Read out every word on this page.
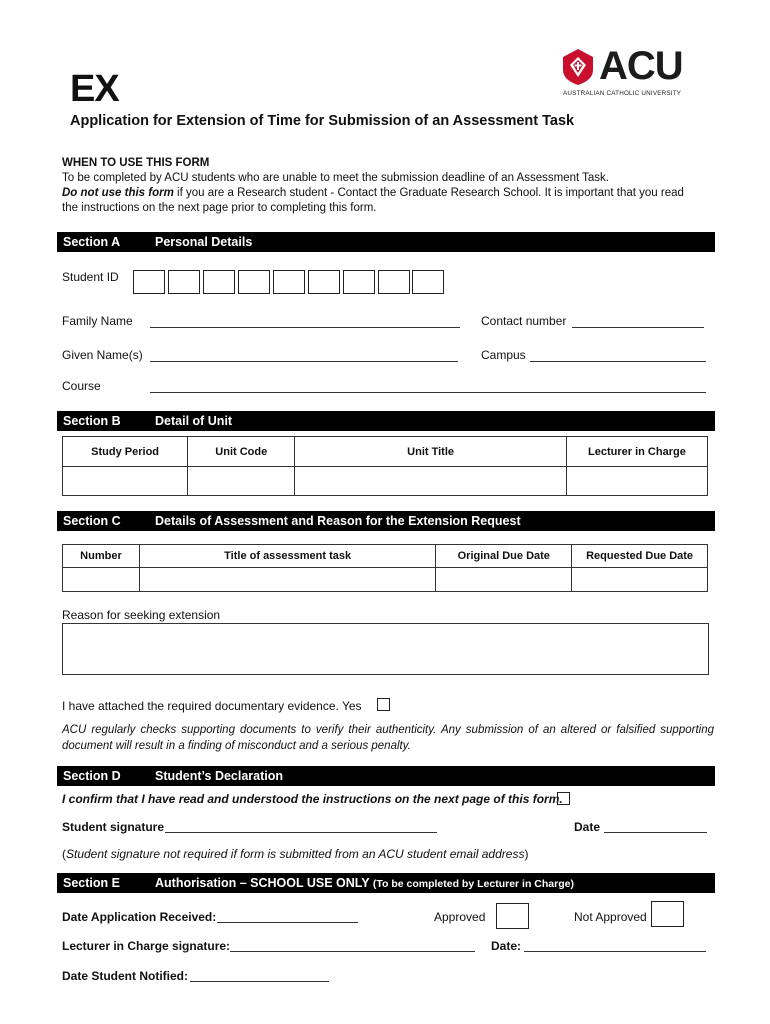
EX
ACU
AUSTRALIAN CATHOLIC UNIVERSITY
Application for Extension of Time for Submission of an Assessment Task
WHEN TO USE THIS FORM
To be completed by ACU students who are unable to meet the submission deadline of an Assessment Task.
Do not use this form if you are a Research student - Contact the Graduate Research School. It is important that you read
the instructions on the next page prior to completing this form.
Section A	Personal Details
Student ID
Family Name	Contact number
Given Name(s)	Campus
Course
Section B	Detail of Unit
Study Period	Unit Code	Unit Title	Lecturer in Charge

Section C	Details of Assessment and Reason for the Extension Request
Number	Title of assessment task	Original Due Date	Requested Due Date

Reason for seeking extension
I have attached the required documentary evidence. Yes
ACU regularly checks supporting documents to verify their authenticity. Any submission of an altered or falsified supporting document will result in a finding of misconduct and a serious penalty.
Section D	Student’s Declaration
I confirm that I have read and understood the instructions on the next page of this form.
Student signature	Date
(Student signature not required if form is submitted from an ACU student email address)
Section E	Authorisation – SCHOOL USE ONLY (To be completed by Lecturer in Charge)
Date Application Received:	Approved	Not Approved
Lecturer in Charge signature:	Date:
Date Student Notified:
